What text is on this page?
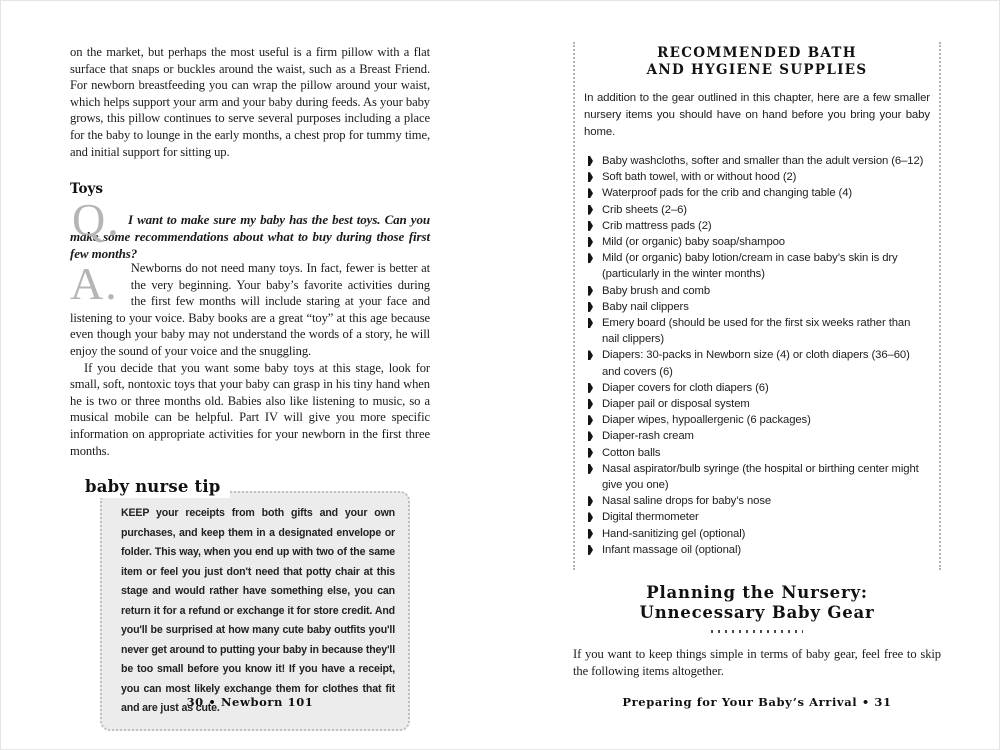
on the market, but perhaps the most useful is a firm pillow with a flat surface that snaps or buckles around the waist, such as a Breast Friend. For newborn breastfeeding you can wrap the pillow around your waist, which helps support your arm and your baby during feeds. As your baby grows, this pillow continues to serve several purposes including a place for the baby to lounge in the early months, a chest prop for tummy time, and initial support for sitting up.

Toys
Q. I want to make sure my baby has the best toys. Can you make some recommendations about what to buy during those first few months?

A. Newborns do not need many toys. In fact, fewer is better at the very beginning. Your baby’s favorite activities during the first few months will include staring at your face and listening to your voice. Baby books are a great “toy” at this age because even though your baby may not understand the words of a story, he will enjoy the sound of your voice and the snuggling.

If you decide that you want some baby toys at this stage, look for small, soft, nontoxic toys that your baby can grasp in his tiny hand when he is two or three months old. Babies also like listening to music, so a musical mobile can be helpful. Part IV will give you more specific information on appropriate activities for your newborn in the first three months.

baby nurse tip

KEEP your receipts from both gifts and your own purchases, and keep them in a designated envelope or folder. This way, when you end up with two of the same item or feel you just don't need that potty chair at this stage and would rather have something else, you can return it for a refund or exchange it for store credit. And you'll be surprised at how many cute baby outfits you'll never get around to putting your baby in because they'll be too small before you know it! If you have a receipt, you can most likely exchange them for clothes that fit and are just as cute.

RECOMMENDED BATH
AND HYGIENE SUPPLIES

In addition to the gear outlined in this chapter, here are a few smaller nursery items you should have on hand before you bring your baby home.

Baby washcloths, softer and smaller than the adult version (6–12)
Soft bath towel, with or without hood (2)
Waterproof pads for the crib and changing table (4)
Crib sheets (2–6)
Crib mattress pads (2)
Mild (or organic) baby soap/shampoo
Mild (or organic) baby lotion/cream in case baby’s skin is dry (particularly in the winter months)
Baby brush and comb
Baby nail clippers
Emery board (should be used for the first six weeks rather than nail clippers)
Diapers: 30-packs in Newborn size (4) or cloth diapers (36–60) and covers (6)
Diaper covers for cloth diapers (6)
Diaper pail or disposal system
Diaper wipes, hypoallergenic (6 packages)
Diaper-rash cream
Cotton balls
Nasal aspirator/bulb syringe (the hospital or birthing center might give you one)
Nasal saline drops for baby’s nose
Digital thermometer
Hand-sanitizing gel (optional)
Infant massage oil (optional)
Planning the Nursery:
Unnecessary Baby Gear

If you want to keep things simple in terms of baby gear, feel free to skip the following items altogether.

30 • Newborn 101	Preparing for Your Baby’s Arrival • 31
